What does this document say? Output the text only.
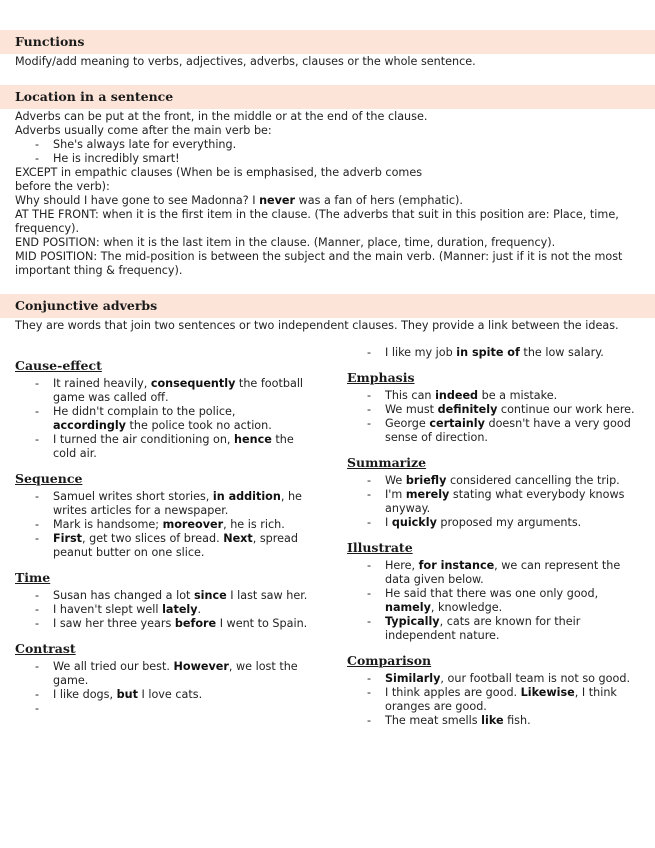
Functions

Modify/add meaning to verbs, adjectives, adverbs, clauses or the whole sentence.

Location in a sentence

Adverbs can be put at the front, in the middle or at the end of the clause.

Adverbs usually come after the main verb be:

- She's always late for everything.
- He is incredibly smart!

EXCEPT in empathic clauses (When be is emphasised, the adverb comes before the verb):

Why should I have gone to see Madonna? I never was a fan of hers (emphatic).

AT THE FRONT: when it is the first item in the clause. (The adverbs that suit in this position are: Place, time, frequency).

END POSITION: when it is the last item in the clause. (Manner, place, time, duration, frequency).

MID POSITION: The mid-position is between the subject and the main verb. (Manner: just if it is not the most important thing & frequency).

Conjunctive adverbs

They are words that join two sentences or two independent clauses. They provide a link between the ideas.

Cause-effect
- It rained heavily, consequently the football game was called off.
- He didn't complain to the police, accordingly the police took no action.
- I turned the air conditioning on, hence the cold air.
Sequence
- Samuel writes short stories, in addition, he writes articles for a newspaper.
- Mark is handsome; moreover, he is rich.
- First, get two slices of bread. Next, spread peanut butter on one slice.
Time
- Susan has changed a lot since I last saw her.
- I haven't slept well lately.
- I saw her three years before I went to Spain.
Contrast
- We all tried our best. However, we lost the game.
- I like dogs, but I love cats.
-
- I like my job in spite of the low salary.
Emphasis
- This can indeed be a mistake.
- We must definitely continue our work here.
- George certainly doesn't have a very good sense of direction.
Summarize
- We briefly considered cancelling the trip.
- I'm merely stating what everybody knows anyway.
- I quickly proposed my arguments.
Illustrate
- Here, for instance, we can represent the data given below.
- He said that there was one only good, namely, knowledge.
- Typically, cats are known for their independent nature.
Comparison
- Similarly, our football team is not so good.
- I think apples are good. Likewise, I think oranges are good.
- The meat smells like fish.
